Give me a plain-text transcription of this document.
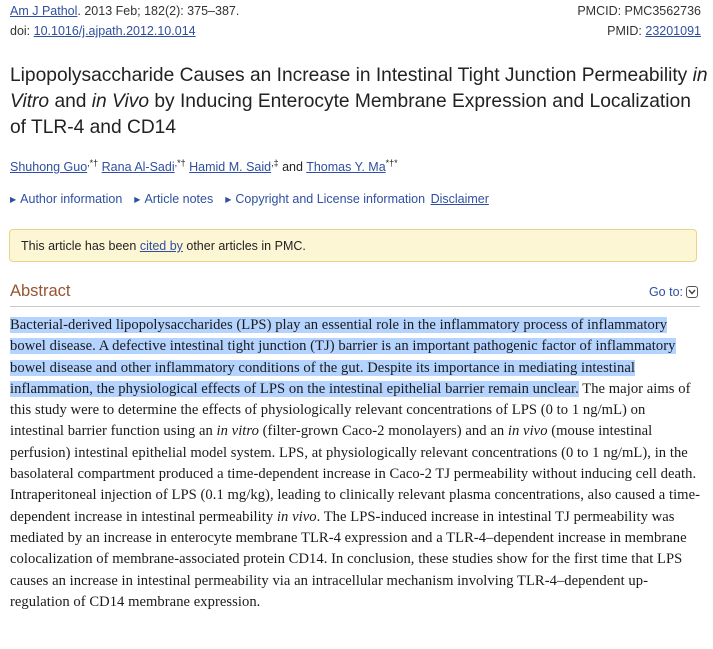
Am J Pathol. 2013 Feb; 182(2): 375–387.	PMCID: PMC3562736
doi: 10.1016/j.ajpath.2012.10.014	PMID: 23201091
Lipopolysaccharide Causes an Increase in Intestinal Tight Junction Permeability in Vitro and in Vivo by Inducing Enterocyte Membrane Expression and Localization of TLR-4 and CD14
Shuhong Guo,*† Rana Al-Sadi,*† Hamid M. Said,‡ and Thomas Y. Ma*†*
▶ Author information ▶ Article notes ▶ Copyright and License information Disclaimer
This article has been cited by other articles in PMC.
Abstract	Go to:

Bacterial-derived lipopolysaccharides (LPS) play an essential role in the inflammatory process of inflammatory bowel disease. A defective intestinal tight junction (TJ) barrier is an important pathogenic factor of inflammatory bowel disease and other inflammatory conditions of the gut. Despite its importance in mediating intestinal inflammation, the physiological effects of LPS on the intestinal epithelial barrier remain unclear. The major aims of this study were to determine the effects of physiologically relevant concentrations of LPS (0 to 1 ng/mL) on intestinal barrier function using an in vitro (filter-grown Caco-2 monolayers) and an in vivo (mouse intestinal perfusion) intestinal epithelial model system. LPS, at physiologically relevant concentrations (0 to 1 ng/mL), in the basolateral compartment produced a time-dependent increase in Caco-2 TJ permeability without inducing cell death. Intraperitoneal injection of LPS (0.1 mg/kg), leading to clinically relevant plasma concentrations, also caused a time-dependent increase in intestinal permeability in vivo. The LPS-induced increase in intestinal TJ permeability was mediated by an increase in enterocyte membrane TLR-4 expression and a TLR-4–dependent increase in membrane colocalization of membrane-associated protein CD14. In conclusion, these studies show for the first time that LPS causes an increase in intestinal permeability via an intracellular mechanism involving TLR-4–dependent up-regulation of CD14 membrane expression.
